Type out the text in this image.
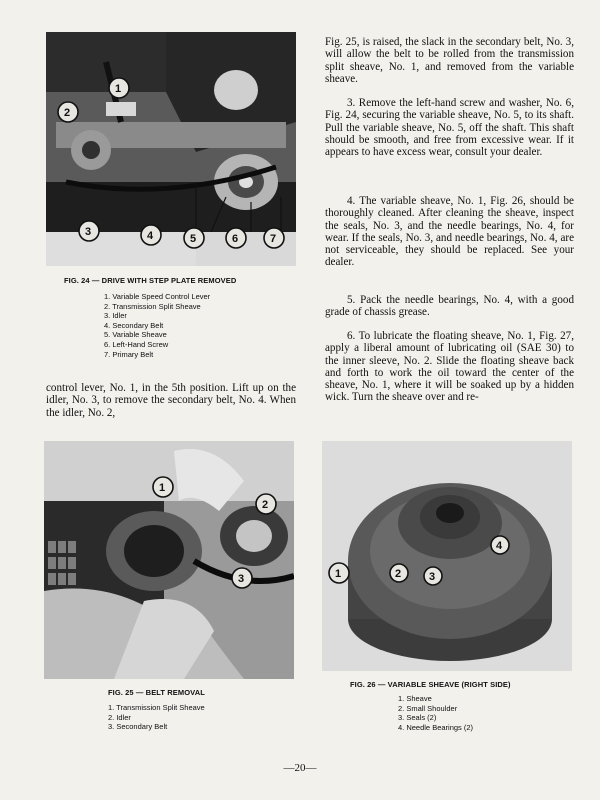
1
2
3	4	5	6	7
FIG. 24 — DRIVE WITH STEP PLATE REMOVED
1. Variable Speed Control Lever
2. Transmission Split Sheave
3. Idler
4. Secondary Belt
5. Variable Sheave
6. Left-Hand Screw
7. Primary Belt

control lever, No. 1, in the 5th position. Lift up on the idler, No. 3, to remove the secondary belt, No. 4. When the idler, No. 2,

Fig. 25, is raised, the slack in the secondary belt, No. 3, will allow the belt to be rolled from the transmission split sheave, No. 1, and removed from the variable sheave.

3. Remove the left-hand screw and washer, No. 6, Fig. 24, securing the variable sheave, No. 5, to its shaft. Pull the variable sheave, No. 5, off the shaft. This shaft should be smooth, and free from excessive wear. If it appears to have excess wear, consult your dealer.

4. The variable sheave, No. 1, Fig. 26, should be thoroughly cleaned. After cleaning the sheave, inspect the seals, No. 3, and the needle bearings, No. 4, for wear. If the seals, No. 3, and needle bearings, No. 4, are not serviceable, they should be replaced. See your dealer.

5. Pack the needle bearings, No. 4, with a good grade of chassis grease.

6. To lubricate the floating sheave, No. 1, Fig. 27, apply a liberal amount of lubricating oil (SAE 30) to the inner sleeve, No. 2. Slide the floating sheave back and forth to work the oil toward the center of the sheave, No. 1, where it will be soaked up by a hidden wick. Turn the sheave over and re-

1
2
3
FIG. 25 — BELT REMOVAL
1. Transmission Split Sheave
2. Idler
3. Secondary Belt
1	2	3
4
FIG. 26 — VARIABLE SHEAVE (RIGHT SIDE)
1. Sheave
2. Small Shoulder
3. Seals (2)
4. Needle Bearings (2)
—20—
